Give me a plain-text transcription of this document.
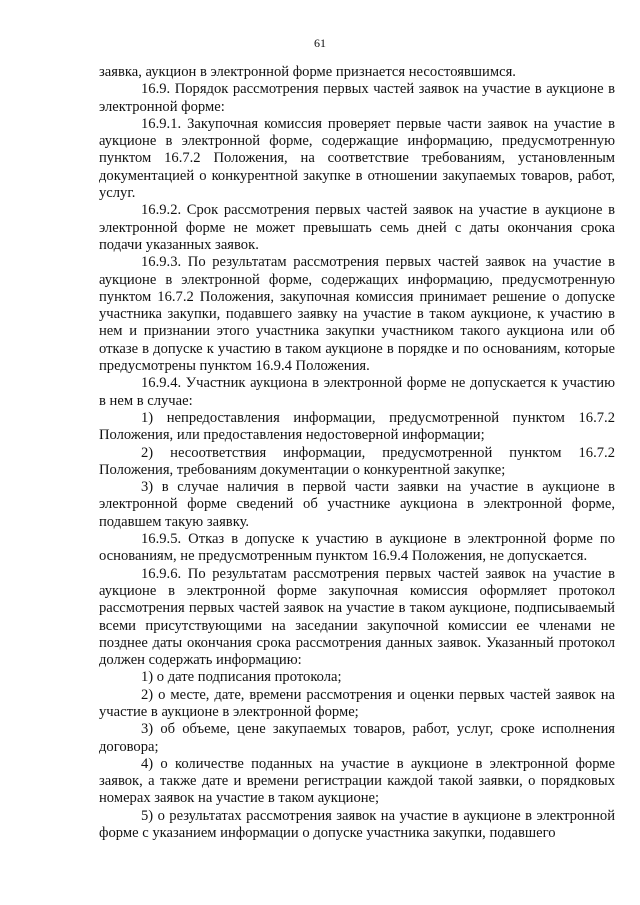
61

заявка, аукцион в электронной форме признается несостоявшимся.

16.9. Порядок рассмотрения первых частей заявок на участие в аукционе в электронной форме:

16.9.1. Закупочная комиссия проверяет первые части заявок на участие в аукционе в электронной форме, содержащие информацию, предусмотренную пунктом 16.7.2 Положения, на соответствие требованиям, установленным документацией о конкурентной закупке в отношении закупаемых товаров, работ, услуг.

16.9.2. Срок рассмотрения первых частей заявок на участие в аукционе в электронной форме не может превышать семь дней с даты окончания срока подачи указанных заявок.

16.9.3. По результатам рассмотрения первых частей заявок на участие в аукционе в электронной форме, содержащих информацию, предусмотренную пунктом 16.7.2 Положения, закупочная комиссия принимает решение о допуске участника закупки, подавшего заявку на участие в таком аукционе, к участию в нем и признании этого участника закупки участником такого аукциона или об отказе в допуске к участию в таком аукционе в порядке и по основаниям, которые предусмотрены пунктом 16.9.4 Положения.

16.9.4. Участник аукциона в электронной форме не допускается к участию в нем в случае:

1) непредоставления информации, предусмотренной пунктом 16.7.2 Положения, или предоставления недостоверной информации;

2) несоответствия информации, предусмотренной пунктом 16.7.2 Положения, требованиям документации о конкурентной закупке;

3) в случае наличия в первой части заявки на участие в аукционе в электронной форме сведений об участнике аукциона в электронной форме, подавшем такую заявку.

16.9.5. Отказ в допуске к участию в аукционе в электронной форме по основаниям, не предусмотренным пунктом 16.9.4 Положения, не допускается.

16.9.6. По результатам рассмотрения первых частей заявок на участие в аукционе в электронной форме закупочная комиссия оформляет протокол рассмотрения первых частей заявок на участие в таком аукционе, подписываемый всеми присутствующими на заседании закупочной комиссии ее членами не позднее даты окончания срока рассмотрения данных заявок. Указанный протокол должен содержать информацию:

1) о дате подписания протокола;

2) о месте, дате, времени рассмотрения и оценки первых частей заявок на участие в аукционе в электронной форме;

3) об объеме, цене закупаемых товаров, работ, услуг, сроке исполнения договора;

4) о количестве поданных на участие в аукционе в электронной форме заявок, а также дате и времени регистрации каждой такой заявки, о порядковых номерах заявок на участие в таком аукционе;

5) о результатах рассмотрения заявок на участие в аукционе в электронной форме с указанием информации о допуске участника закупки, подавшего
